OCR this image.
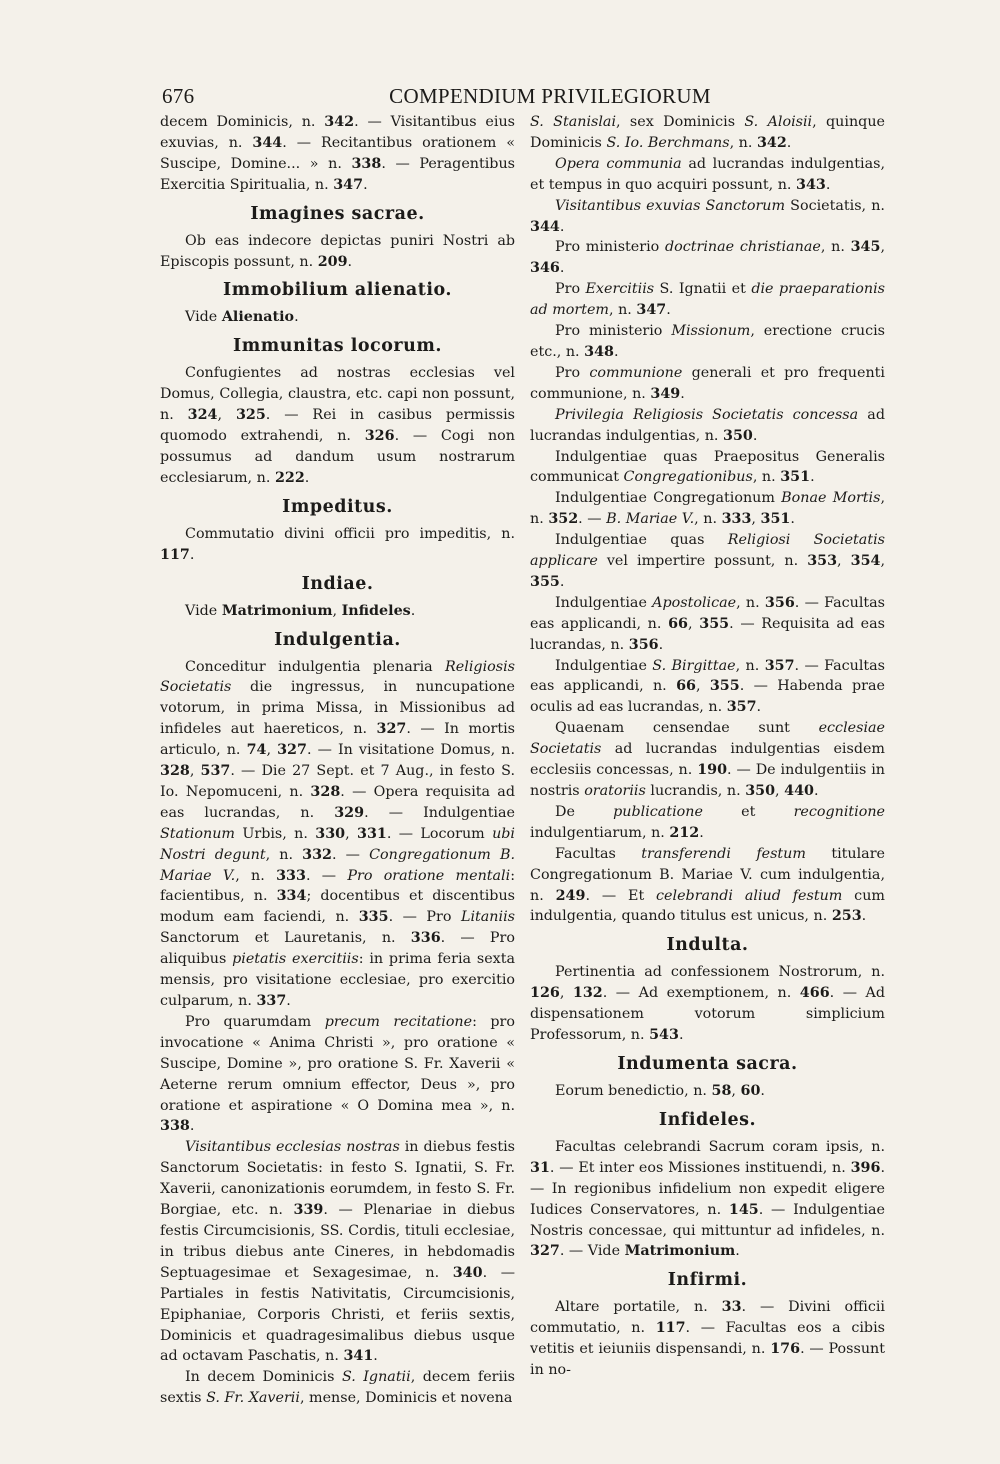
676	COMPENDIUM PRIVILEGIORUM

decem Dominicis, n. 342. — Visitantibus eius exuvias, n. 344. — Recitantibus orationem « Suscipe, Domine... » n. 338. — Peragentibus Exercitia Spiritualia, n. 347.

Imagines sacrae.

Ob eas indecore depictas puniri Nostri ab Episcopis possunt, n. 209.

Immobilium alienatio.

Vide Alienatio.

Immunitas locorum.

Confugientes ad nostras ecclesias vel Domus, Collegia, claustra, etc. capi non possunt, n. 324, 325. — Rei in casibus permissis quomodo extrahendi, n. 326. — Cogi non possumus ad dandum usum nostrarum ecclesiarum, n. 222.

Impeditus.

Commutatio divini officii pro impeditis, n. 117.

Indiae.

Vide Matrimonium, Infideles.

Indulgentia.

Conceditur indulgentia plenaria Religiosis Societatis die ingressus, in nuncupatione votorum, in prima Missa, in Missionibus ad infideles aut haereticos, n. 327. — In mortis articulo, n. 74, 327. — In visitatione Domus, n. 328, 537. — Die 27 Sept. et 7 Aug., in festo S. Io. Nepomuceni, n. 328. — Opera requisita ad eas lucrandas, n. 329. — Indulgentiae Stationum Urbis, n. 330, 331. — Locorum ubi Nostri degunt, n. 332. — Congregationum B. Mariae V., n. 333. — Pro oratione mentali: facientibus, n. 334; docentibus et discentibus modum eam faciendi, n. 335. — Pro Litaniis Sanctorum et Lauretanis, n. 336. — Pro aliquibus pietatis exercitiis: in prima feria sexta mensis, pro visitatione ecclesiae, pro exercitio culparum, n. 337.

Pro quarumdam precum recitatione: pro invocatione « Anima Christi », pro oratione « Suscipe, Domine », pro oratione S. Fr. Xaverii « Aeterne rerum omnium effector, Deus », pro oratione et aspiratione « O Domina mea », n. 338.

Visitantibus ecclesias nostras in diebus festis Sanctorum Societatis: in festo S. Ignatii, S. Fr. Xaverii, canonizationis eorumdem, in festo S. Fr. Borgiae, etc. n. 339. — Plenariae in diebus festis Circumcisionis, SS. Cordis, tituli ecclesiae, in tribus diebus ante Cineres, in hebdomadis Septuagesimae et Sexagesimae, n. 340. — Partiales in festis Nativitatis, Circumcisionis, Epiphaniae, Corporis Christi, et feriis sextis, Dominicis et quadragesimalibus diebus usque ad octavam Paschatis, n. 341.

In decem Dominicis S. Ignatii, decem feriis sextis S. Fr. Xaverii, mense, Dominicis et novena

S. Stanislai, sex Dominicis S. Aloisii, quinque Dominicis S. Io. Berchmans, n. 342.

Opera communia ad lucrandas indulgentias, et tempus in quo acquiri possunt, n. 343.

Visitantibus exuvias Sanctorum Societatis, n. 344.

Pro ministerio doctrinae christianae, n. 345, 346.

Pro Exercitiis S. Ignatii et die praeparationis ad mortem, n. 347.

Pro ministerio Missionum, erectione crucis etc., n. 348.

Pro communione generali et pro frequenti communione, n. 349.

Privilegia Religiosis Societatis concessa ad lucrandas indulgentias, n. 350.

Indulgentiae quas Praepositus Generalis communicat Congregationibus, n. 351.

Indulgentiae Congregationum Bonae Mortis, n. 352. — B. Mariae V., n. 333, 351.

Indulgentiae quas Religiosi Societatis applicare vel impertire possunt, n. 353, 354, 355.

Indulgentiae Apostolicae, n. 356. — Facultas eas applicandi, n. 66, 355. — Requisita ad eas lucrandas, n. 356.

Indulgentiae S. Birgittae, n. 357. — Facultas eas applicandi, n. 66, 355. — Habenda prae oculis ad eas lucrandas, n. 357.

Quaenam censendae sunt ecclesiae Societatis ad lucrandas indulgentias eisdem ecclesiis concessas, n. 190. — De indulgentiis in nostris oratoriis lucrandis, n. 350, 440.

De publicatione et recognitione indulgentiarum, n. 212.

Facultas transferendi festum titulare Congregationum B. Mariae V. cum indulgentia, n. 249. — Et celebrandi aliud festum cum indulgentia, quando titulus est unicus, n. 253.

Indulta.

Pertinentia ad confessionem Nostrorum, n. 126, 132. — Ad exemptionem, n. 466. — Ad dispensationem votorum simplicium Professorum, n. 543.

Indumenta sacra.

Eorum benedictio, n. 58, 60.

Infideles.

Facultas celebrandi Sacrum coram ipsis, n. 31. — Et inter eos Missiones instituendi, n. 396. — In regionibus infidelium non expedit eligere Iudices Conservatores, n. 145. — Indulgentiae Nostris concessae, qui mittuntur ad infideles, n. 327. — Vide Matrimonium.

Infirmi.

Altare portatile, n. 33. — Divini officii commutatio, n. 117. — Facultas eos a cibis vetitis et ieiuniis dispensandi, n. 176. — Possunt in no-
